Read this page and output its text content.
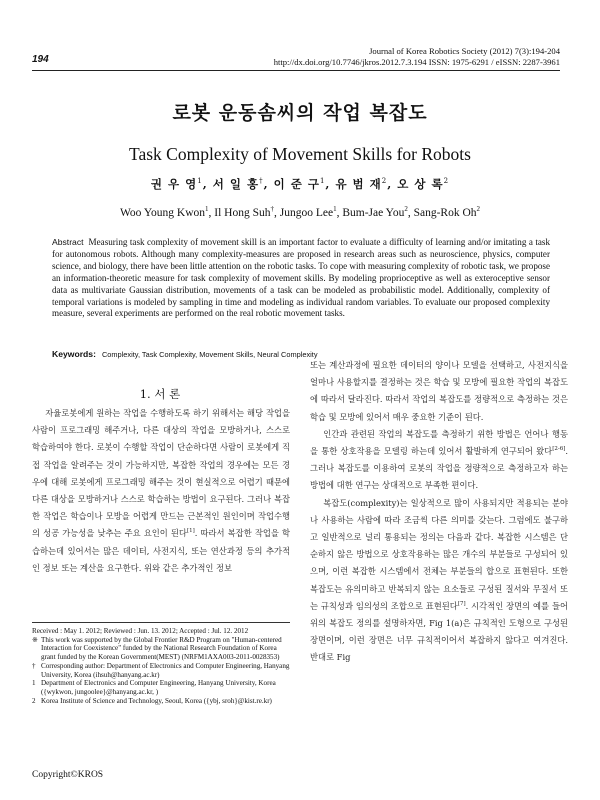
194
Journal of Korea Robotics Society (2012) 7(3):194-204
http://dx.doi.org/10.7746/jkros.2012.7.3.194 ISSN: 1975-6291 / eISSN: 2287-3961
로봇 운동솜씨의 작업 복잡도
Task Complexity of Movement Skills for Robots
권 우 영$^1$, 서 일 홍†, 이 준 구$^1$, 유 범 재$^2$, 오 상 록$^2$
Woo Young Kwon$^1$, Il Hong Suh†, Jungoo Lee$^1$, Bum-Jae You$^2$, Sang-Rok Oh$^2$
Abstract Measuring task complexity of movement skill is an important factor to evaluate a difficulty of learning and/or imitating a task for autonomous robots. Although many complexity-measures are proposed in research areas such as neuroscience, physics, computer science, and biology, there have been little attention on the robotic tasks. To cope with measuring complexity of robotic task, we propose an information-theoretic measure for task complexity of movement skills. By modeling proprioceptive as well as exteroceptive sensor data as multivariate Gaussian distribution, movements of a task can be modeled as probabilistic model. Additionally, complexity of temporal variations is modeled by sampling in time and modeling as individual random variables. To evaluate our proposed complexity measure, several experiments are performed on the real robotic movement tasks.
Keywords: Complexity, Task Complexity, Movement Skills, Neural Complexity
1. 서 론

자율로봇에게 원하는 작업을 수행하도록 하기 위해서는 해당 작업을 사람이 프로그래밍 해주거나, 다른 대상의 작업을 모방하거나, 스스로 학습하여야 한다. 로봇이 수행할 작업이 단순하다면 사람이 로봇에게 직접 작업을 알려주는 것이 가능하지만, 복잡한 작업의 경우에는 모든 경우에 대해 로봇에게 프로그래밍 해주는 것이 현실적으로 어렵기 때문에 다른 대상을 모방하거나 스스로 학습하는 방법이 요구된다. 그러나 복잡한 작업은 학습이나 모방을 어렵게 만드는 근본적인 원인이며 작업수행의 성공 가능성을 낮추는 주요 요인이 된다[1]. 따라서 복잡한 작업을 학습하는데 있어서는 많은 데이터, 사전지식, 또는 연산과정 등의 추가적인 정보 또는 계산을 요구한다. 위와 같은 추가적인 정보

또는 계산과정에 필요한 데이터의 양이나 모델을 선택하고, 사전지식을 얼마나 사용할지를 결정하는 것은 학습 및 모방에 필요한 작업의 복잡도에 따라서 달라진다. 따라서 작업의 복잡도를 정량적으로 측정하는 것은 학습 및 모방에 있어서 매우 중요한 기준이 된다.

인간과 관련된 작업의 복잡도를 측정하기 위한 방법은 언어나 행동을 통한 상호작용을 모델링 하는데 있어서 활발하게 연구되어 왔다[2-6]. 그러나 복잡도를 이용하여 로봇의 작업을 정량적으로 측정하고자 하는 방법에 대한 연구는 상대적으로 부족한 편이다.

복잡도(complexity)는 일상적으로 많이 사용되지만 적용되는 분야나 사용하는 사람에 따라 조금씩 다른 의미를 갖는다. 그럼에도 불구하고 일반적으로 널리 통용되는 정의는 다음과 같다. 복잡한 시스템은 단순하지 않은 방법으로 상호작용하는 많은 개수의 부분들로 구성되어 있으며, 이런 복잡한 시스템에서 전체는 부분들의 합으로 표현된다. 또한 복잡도는 유의미하고 반복되지 않는 요소들로 구성된 질서와 무질서 또는 규칙성과 임의성의 조합으로 표현된다[7]. 시각적인 장면의 예를 들어 위의 복잡도 정의를 설명하자면, Fig 1(a)은 규칙적인 도형으로 구성된 장면이며, 이런 장면은 너무 규칙적이어서 복잡하지 않다고 여겨진다. 반대로 Fig

Received : May 1. 2012; Reviewed : Jun. 13. 2012; Accepted : Jul. 12. 2012
※ This work was supported by the Global Frontier R&D Program on "Human-centered Interaction for Coexistence" funded by the National Research Foundation of Korea grant funded by the Korean Government(MEST) (NRFM1AXA003-2011-0028353)
† Corresponding author: Department of Electronics and Computer Engineering, Hanyang University, Korea (ihsuh@hanyang.ac.kr)
1 Department of Electronics and Computer Engineering, Hanyang University, Korea ({wykwon, jungoolee}@hanyang.ac.kr, )
2 Korea Institute of Science and Technology, Seoul, Korea ({ybj, sroh}@kist.re.kr)
Copyright©KROS
